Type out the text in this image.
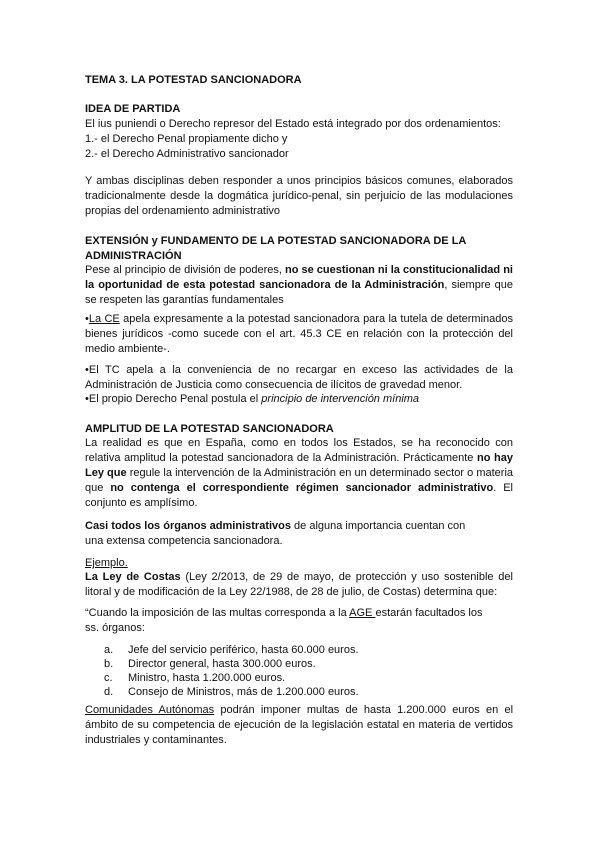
TEMA 3. LA POTESTAD SANCIONADORA
IDEA DE PARTIDA
El ius puniendi o Derecho represor del Estado está integrado por dos ordenamientos:
1.- el Derecho Penal propiamente dicho y
2.- el Derecho Administrativo sancionador
Y ambas disciplinas deben responder a unos principios básicos comunes, elaborados tradicionalmente desde la dogmática jurídico-penal, sin perjuicio de las modulaciones propias del ordenamiento administrativo
EXTENSIÓN y FUNDAMENTO DE LA POTESTAD SANCIONADORA DE LA
ADMINISTRACIÓN
Pese al principio de división de poderes, no se cuestionan ni la constitucionalidad ni la oportunidad de esta potestad sancionadora de la Administración, siempre que se respeten las garantías fundamentales
•La CE apela expresamente a la potestad sancionadora para la tutela de determinados bienes jurídicos -como sucede con el art. 45.3 CE en relación con la protección del medio ambiente-.
•El TC apela a la conveniencia de no recargar en exceso las actividades de la Administración de Justicia como consecuencia de ilícitos de gravedad menor.
•El propio Derecho Penal postula el principio de intervención mínima
AMPLITUD DE LA POTESTAD SANCIONADORA
La realidad es que en España, como en todos los Estados, se ha reconocido con relativa amplitud la potestad sancionadora de la Administración. Prácticamente no hay Ley que regule la intervención de la Administración en un determinado sector o materia que no contenga el correspondiente régimen sancionador administrativo. El conjunto es amplísimo.
Casi todos los órganos administrativos de alguna importancia cuentan con
una extensa competencia sancionadora.
Ejemplo.
La Ley de Costas (Ley 2/2013, de 29 de mayo, de protección y uso sostenible del litoral y de modificación de la Ley 22/1988, de 28 de julio, de Costas) determina que:
“Cuando la imposición de las multas corresponda a la AGE estarán facultados los
ss. órganos:
a. Jefe del servicio periférico, hasta 60.000 euros.
b. Director general, hasta 300.000 euros.
c. Ministro, hasta 1.200.000 euros.
d. Consejo de Ministros, más de 1.200.000 euros.
Comunidades Autónomas podrán imponer multas de hasta 1.200.000 euros en el ámbito de su competencia de ejecución de la legislación estatal en materia de vertidos industriales y contaminantes.
